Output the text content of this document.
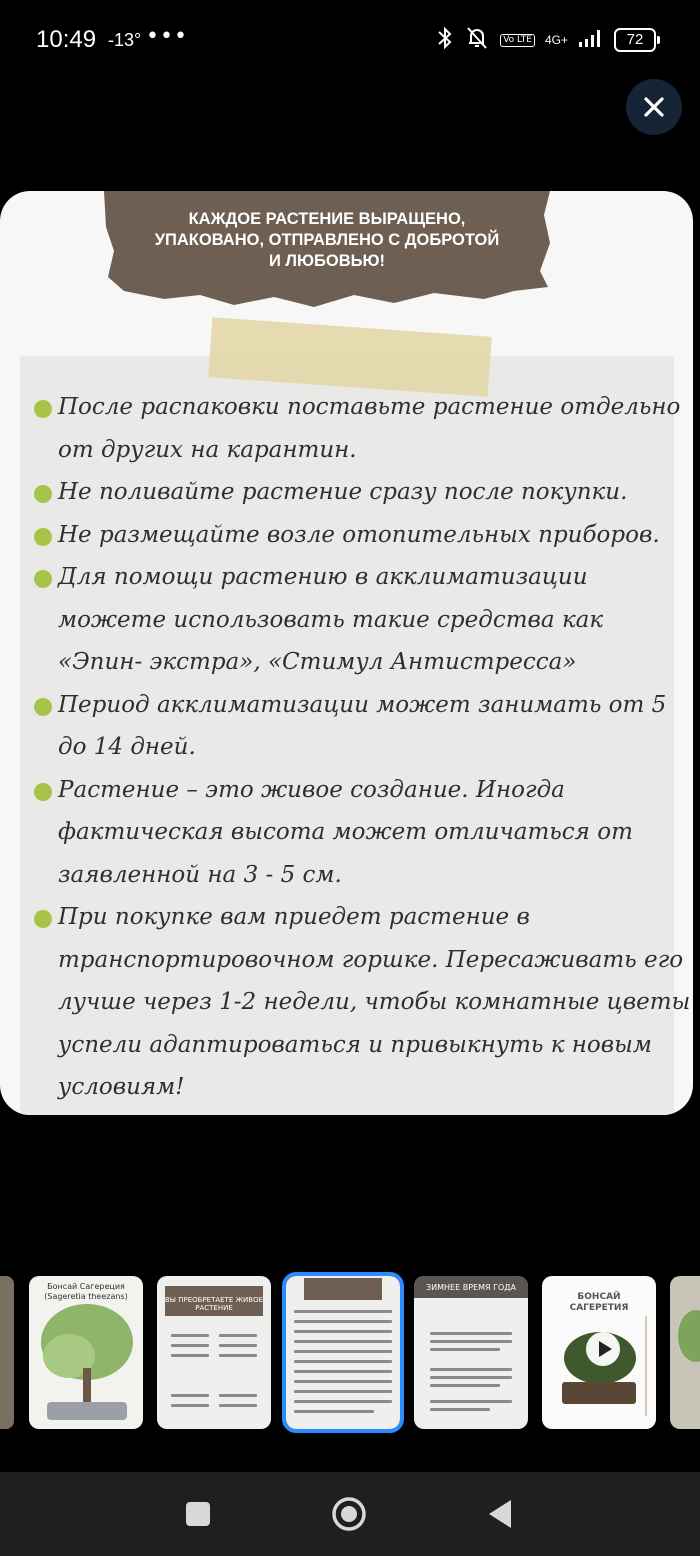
10:49 -13° •••	Vo LTE 4G+	72
КАЖДОЕ РАСТЕНИЕ ВЫРАЩЕНО,
УПАКОВАНО, ОТПРАВЛЕНО С ДОБРОТОЙ
И ЛЮБОВЬЮ!
После распаковки поставьте растение отдельно
от других на карантин.
Не поливайте растение сразу после покупки.
Не размещайте возле отопительных приборов.
Для помощи растению в акклиматизации
можете использовать такие средства как
«Эпин- экстра», «Стимул Антистресса»
Период акклиматизации может занимать от 5
до 14 дней.
Растение – это живое создание. Иногда
фактическая высота может отличаться от
заявленной на 3 - 5 см.
При покупке вам приедет растение в
транспортировочном горшке. Пересаживать его
лучше через 1-2 недели, чтобы комнатные цветы
успели адаптироваться и привыкнуть к новым
условиям!
Бонсай Сагереция (Sageretia theezans)	ВЫ ПРЕОБРЕТАЕТЕ ЖИВОЕ РАСТЕНИЕ
ЗИМНЕЕ ВРЕМЯ ГОДА
БОНСАЙ САГЕРЕТИЯ
